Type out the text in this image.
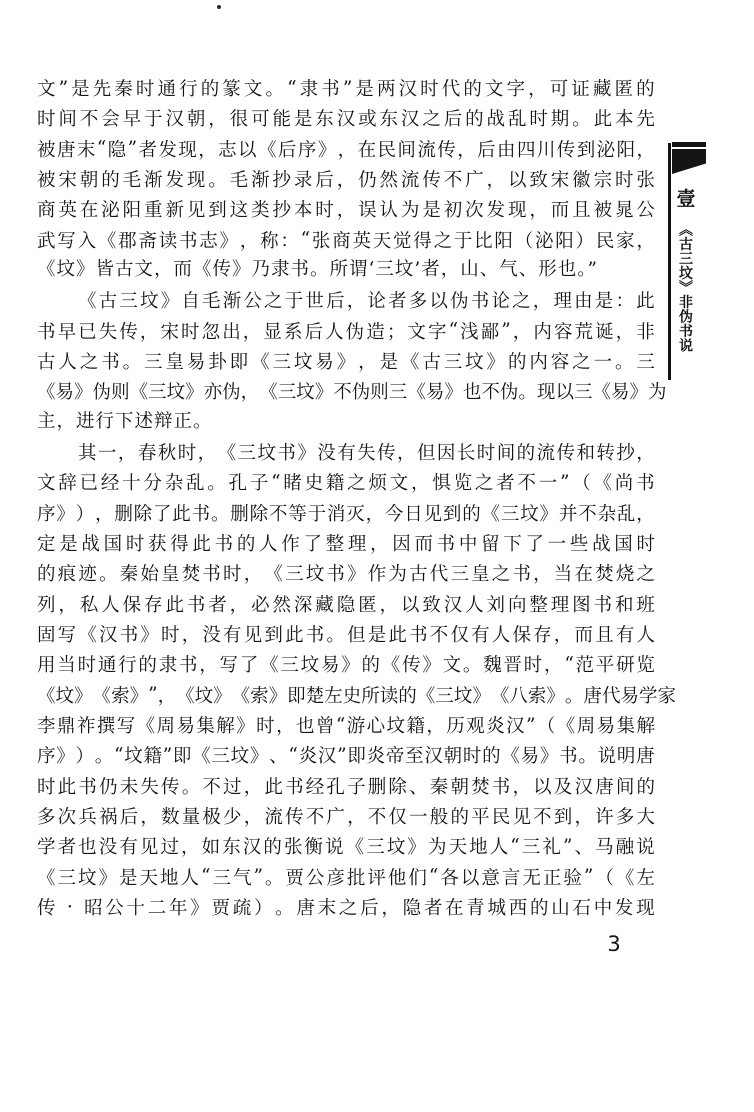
文 ” 是 先 秦 时 通 行 的 篆 文 。 “ 隶 书 ” 是 两 汉 时 代 的 文 字 ， 可 证 藏 匿 的
时 间 不 会 早 于 汉 朝 ， 很 可 能 是 东 汉 或 东 汉 之 后 的 战 乱 时 期 。 此 本 先
被 唐 末 “ 隐 ” 者 发 现 ， 志 以 《 后 序 》 ， 在 民 间 流 传 ， 后 由 四 川 传 到 泌 阳 ，
被 宋 朝 的 毛 渐 发 现 。 毛 渐 抄 录 后 ， 仍 然 流 传 不 广 ， 以 致 宋 徽 宗 时 张
商 英 在 泌 阳 重 新 见 到 这 类 抄 本 时 ， 误 认 为 是 初 次 发 现 ， 而 且 被 晁 公
武 写 入 《 郡 斋 读 书 志 》 ， 称 ： “ 张 商 英 天 觉 得 之 于 比 阳 （ 泌 阳 ） 民 家 ，
《坟》皆古文，而《传》乃隶书。所谓‘三坟’者，山、气、形也。”
《 古 三 坟 》 自 毛 渐 公 之 于 世 后 ， 论 者 多 以 伪 书 论 之 ， 理 由 是 ： 此
书 早 已 失 传 ， 宋 时 忽 出 ， 显 系 后 人 伪 造 ； 文 字 “ 浅 鄙 ” ， 内 容 荒 诞 ， 非
古 人 之 书 。 三 皇 易 卦 即 《 三 坟 易 》 ， 是 《 古 三 坟 》 的 内 容 之 一 。 三
《 易 》 伪 则 《 三 坟 》 亦 伪 ， 《 三 坟 》 不 伪 则 三 《 易 》 也 不 伪 。 现 以 三 《 易 》 为
主，进行下述辩正。
其 一 ， 春 秋 时 ， 《 三 坟 书 》 没 有 失 传 ， 但 因 长 时 间 的 流 传 和 转 抄 ，
文 辞 已 经 十 分 杂 乱 。 孔 子 “ 睹 史 籍 之 烦 文 ， 惧 览 之 者 不 一 ” （ 《 尚 书
序 》 ） ， 删 除 了 此 书 。 删 除 不 等 于 消 灭 ， 今 日 见 到 的 《 三 坟 》 并 不 杂 乱 ，
定 是 战 国 时 获 得 此 书 的 人 作 了 整 理 ， 因 而 书 中 留 下 了 一 些 战 国 时
的 痕 迹 。 秦 始 皇 焚 书 时 ， 《 三 坟 书 》 作 为 古 代 三 皇 之 书 ， 当 在 焚 烧 之
列 ， 私 人 保 存 此 书 者 ， 必 然 深 藏 隐 匿 ， 以 致 汉 人 刘 向 整 理 图 书 和 班
固 写 《 汉 书 》 时 ， 没 有 见 到 此 书 。 但 是 此 书 不 仅 有 人 保 存 ， 而 且 有 人
用 当 时 通 行 的 隶 书 ， 写 了 《 三 坟 易 》 的 《 传 》 文 。 魏 晋 时 ， “ 范 平 研 览
《 坟 》 《 索 》 ” ， 《 坟 》 《 索 》 即 楚 左 史 所 读 的 《 三 坟 》 《 八 索 》 。 唐 代 易 学 家
李 鼎 祚 撰 写 《 周 易 集 解 》 时 ， 也 曾 “ 游 心 坟 籍 ， 历 观 炎 汉 ” （ 《 周 易 集 解
序 》 ） 。 “ 坟 籍 ” 即 《 三 坟 》 、 “ 炎 汉 ” 即 炎 帝 至 汉 朝 时 的 《 易 》 书 。 说 明 唐
时 此 书 仍 未 失 传 。 不 过 ， 此 书 经 孔 子 删 除 、 秦 朝 焚 书 ， 以 及 汉 唐 间 的
多 次 兵 祸 后 ， 数 量 极 少 ， 流 传 不 广 ， 不 仅 一 般 的 平 民 见 不 到 ， 许 多 大
学 者 也 没 有 见 过 ， 如 东 汉 的 张 衡 说 《 三 坟 》 为 天 地 人 “ 三 礼 ” 、 马 融 说
《 三 坟 》 是 天 地 人 “ 三 气 ” 。 贾 公 彦 批 评 他 们 “ 各 以 意 言 无 正 验 ” （ 《 左
传
·
昭 公 十 二 年 》 贾 疏 ） 。 唐 末 之 后 ， 隐 者 在 青 城 西 的 山 石 中 发 现
壹
《古三坟》非伪书说
3
